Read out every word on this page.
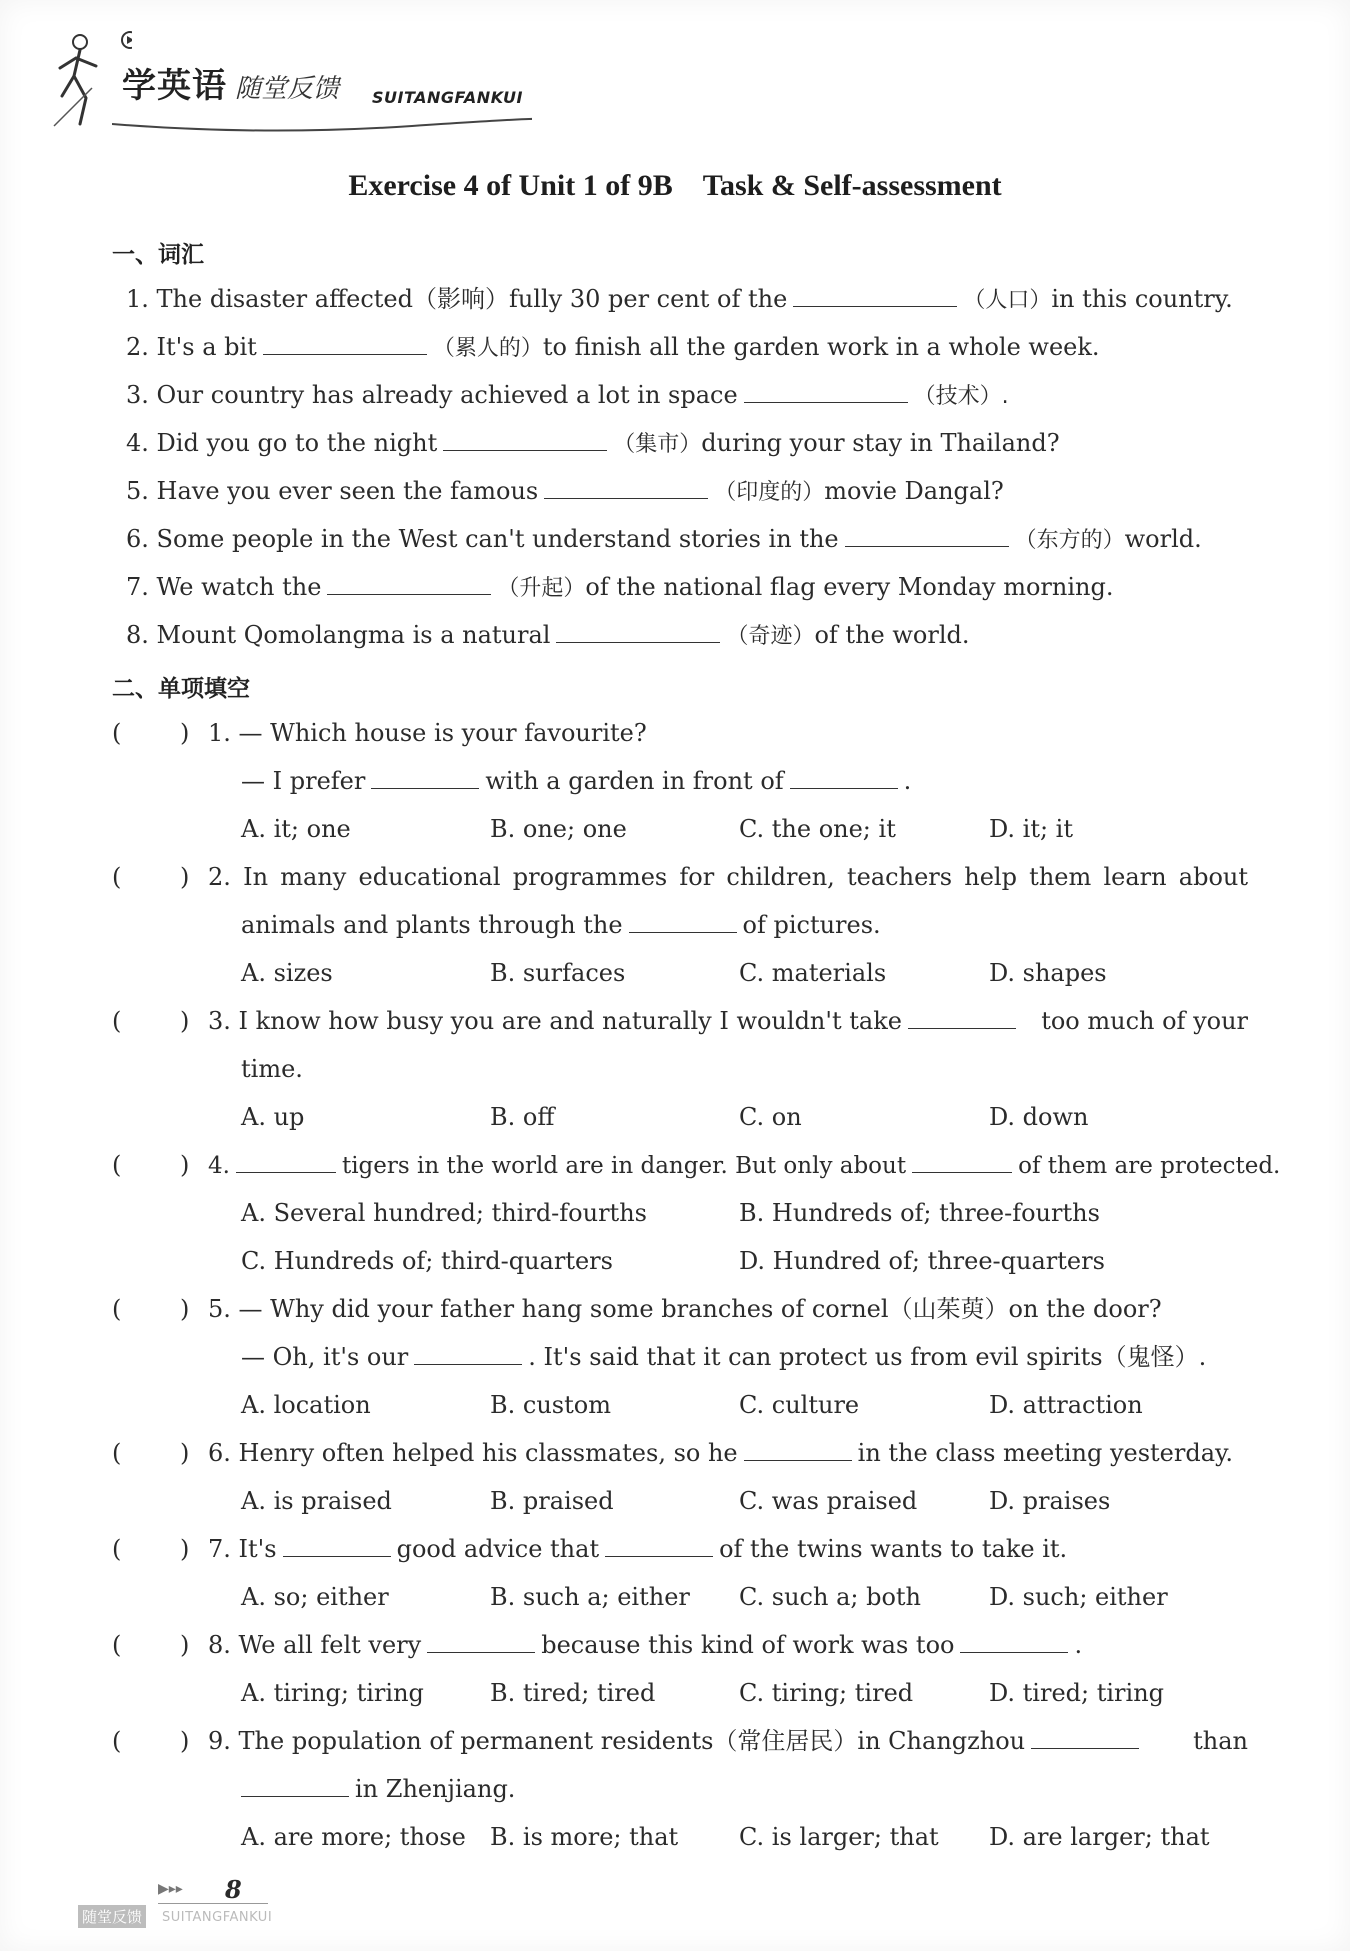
学英语 随堂反馈 SUITANGFANKUI
Exercise 4 of Unit 1 of 9B　Task & Self-assessment
一、词汇
1. The disaster affected（影响）fully 30 per cent of the	（人口）in this country.
2. It's a bit	（累人的）to finish all the garden work in a whole week.
3. Our country has already achieved a lot in space	（技术）.
4. Did you go to the night	（集市）during your stay in Thailand?
5. Have you ever seen the famous	（印度的）movie Dangal?
6. Some people in the West can't understand stories in the	（东方的）world.
7. We watch the	（升起）of the national flag every Monday morning.
8. Mount Qomolangma is a natural	（奇迹）of the world.
二、单项填空
( ) 1. — Which house is your favourite?
— I prefer	with a garden in front of	.
A. it; one	B. one; one	C. the one; it	D. it; it
( ) 2. In many educational programmes for children, teachers help them learn about
animals and plants through the	of pictures.
A. sizes	B. surfaces	C. materials	D. shapes
( ) 3. I know how busy you are and naturally I wouldn't take	too much of your
time.
A. up	B. off	C. on	D. down
( ) 4.	tigers in the world are in danger. But only about	of them are protected.
A. Several hundred; third-fourths	B. Hundreds of; three-fourths
C. Hundreds of; third-quarters	D. Hundred of; three-quarters
( ) 5. — Why did your father hang some branches of cornel（山茱萸）on the door?
— Oh, it's our	. It's said that it can protect us from evil spirits（鬼怪）.
A. location	B. custom	C. culture	D. attraction
( ) 6. Henry often helped his classmates, so he	in the class meeting yesterday.
A. is praised	B. praised	C. was praised	D. praises
( ) 7. It's	good advice that	of the twins wants to take it.
A. so; either	B. such a; either C. such a; both	D. such; either
( ) 8. We all felt very	because this kind of work was too	.
A. tiring; tiring	B. tired; tired	C. tiring; tired	D. tired; tiring
( ) 9. The population of permanent residents（常住居民）in Changzhou	than
in Zhenjiang.
A. are more; those B. is more; that	C. is larger; that D. are larger; that
▶▸▸ 8
随堂反馈	SUITANGFANKUI
